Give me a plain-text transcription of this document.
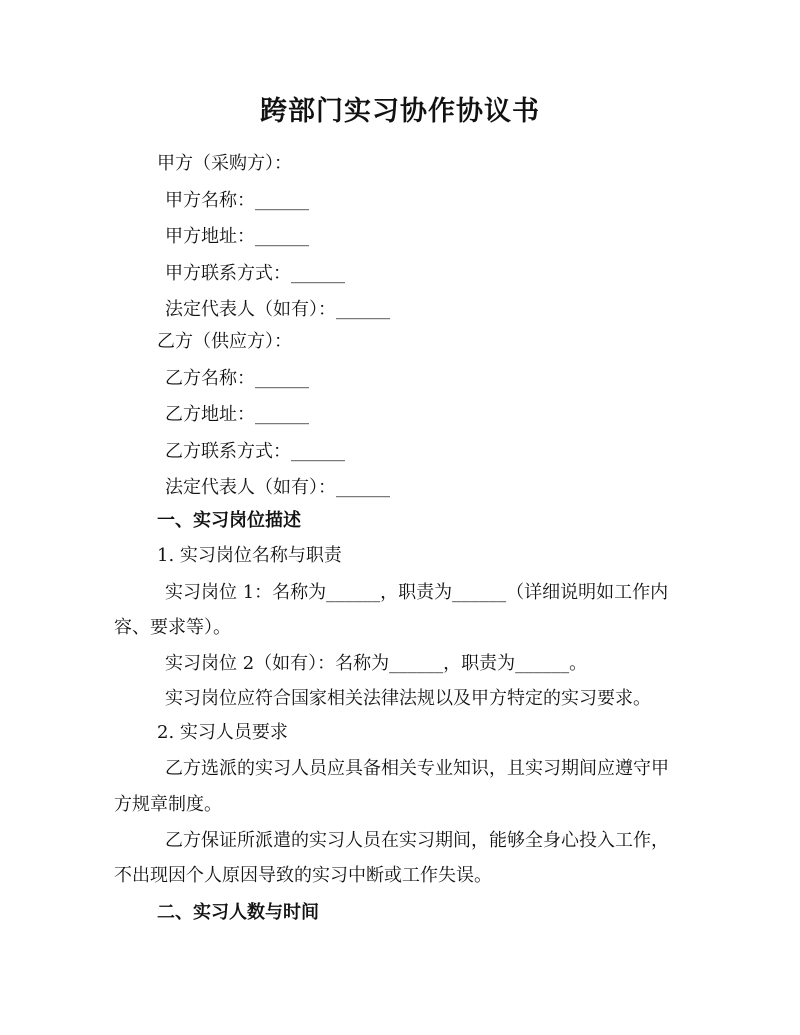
跨部门实习协作协议书
甲方（采购方）：
甲方名称：______
甲方地址：______
甲方联系方式：______
法定代表人（如有）：______
乙方（供应方）：
乙方名称：______
乙方地址：______
乙方联系方式：______
法定代表人（如有）：______
一、实习岗位描述
1. 实习岗位名称与职责
实习岗位 1：名称为______，职责为______（详细说明如工作内
容、要求等）。
实习岗位 2（如有）：名称为______，职责为______。
实习岗位应符合国家相关法律法规以及甲方特定的实习要求。
2. 实习人员要求
乙方选派的实习人员应具备相关专业知识，且实习期间应遵守甲
方规章制度。
乙方保证所派遣的实习人员在实习期间，能够全身心投入工作，
不出现因个人原因导致的实习中断或工作失误。
二、实习人数与时间
